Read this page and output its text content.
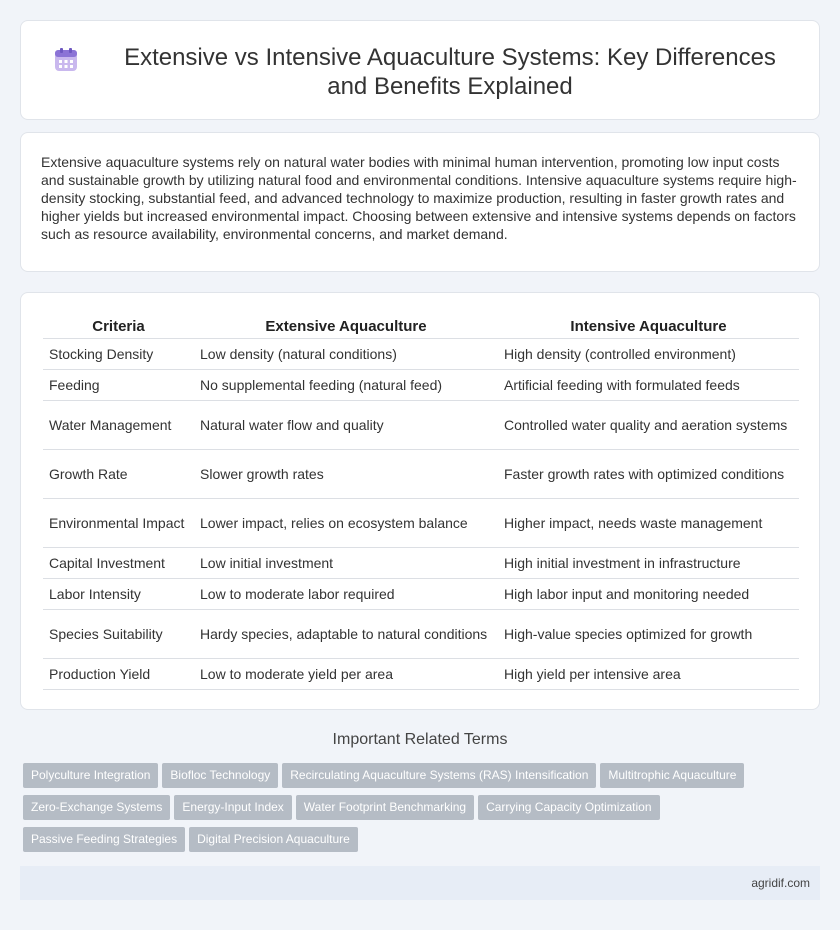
Extensive vs Intensive Aquaculture Systems: Key Differences and Benefits Explained

Extensive aquaculture systems rely on natural water bodies with minimal human intervention, promoting low input costs and sustainable growth by utilizing natural food and environmental conditions. Intensive aquaculture systems require high-density stocking, substantial feed, and advanced technology to maximize production, resulting in faster growth rates and higher yields but increased environmental impact. Choosing between extensive and intensive systems depends on factors such as resource availability, environmental concerns, and market demand.

Criteria	Extensive Aquaculture	Intensive Aquaculture
Stocking Density	Low density (natural conditions)	High density (controlled environment)
Feeding	No supplemental feeding (natural feed)	Artificial feeding with formulated feeds
Water Management	Natural water flow and quality	Controlled water quality and aeration systems
Growth Rate	Slower growth rates	Faster growth rates with optimized conditions
Environmental Impact	Lower impact, relies on ecosystem balance	Higher impact, needs waste management
Capital Investment	Low initial investment	High initial investment in infrastructure
Labor Intensity	Low to moderate labor required	High labor input and monitoring needed
Species Suitability	Hardy species, adaptable to natural conditions	High-value species optimized for growth
Production Yield	Low to moderate yield per area	High yield per intensive area
Important Related Terms
Polyculture Integration Biofloc Technology Recirculating Aquaculture Systems (RAS) Intensification Multitrophic AquacultureZero-Exchange Systems Energy-Input Index Water Footprint Benchmarking Carrying Capacity OptimizationPassive Feeding Strategies Digital Precision Aquaculture
agridif.com
